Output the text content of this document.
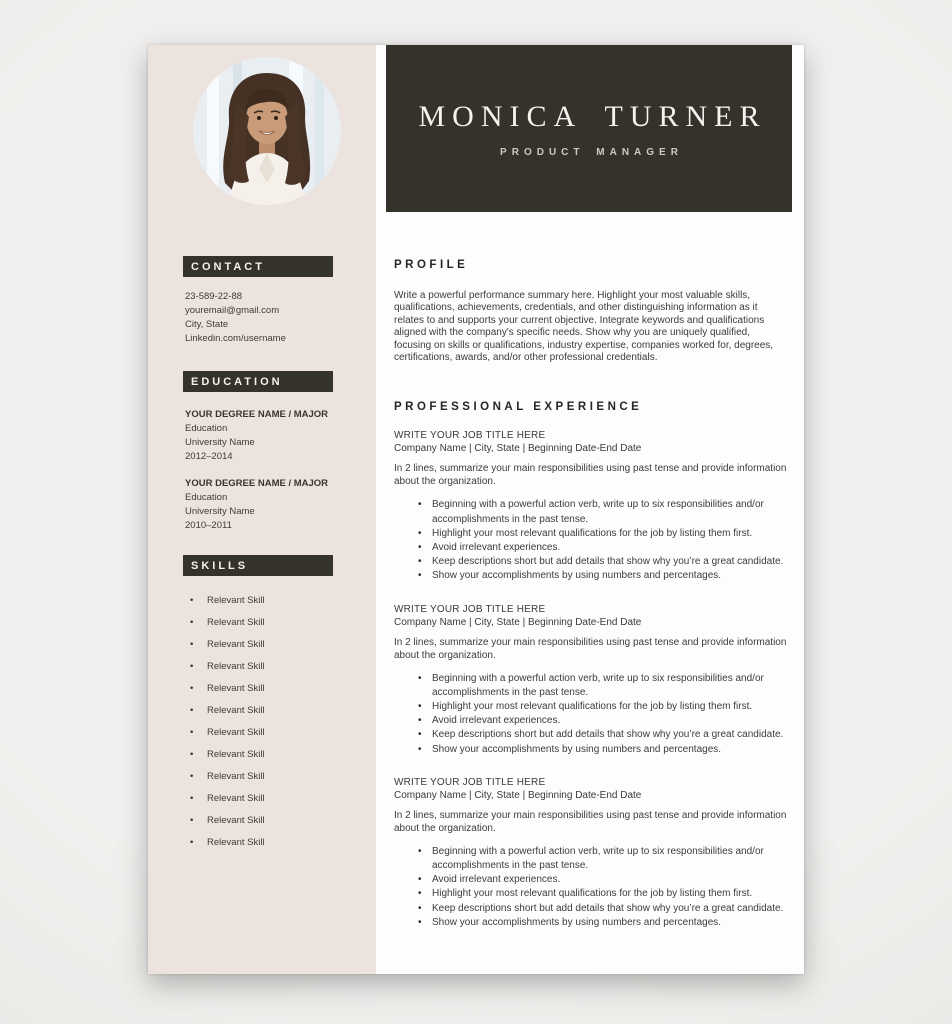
CONTACT
23-589-22-88
youremail@gmail.com
City, State
Linkedin.com/username
EDUCATION
YOUR DEGREE NAME / MAJOR
Education
University Name
2012–2014
YOUR DEGREE NAME / MAJOR
Education
University Name
2010–2011
SKILLS
• Relevant Skill
• Relevant Skill
• Relevant Skill
• Relevant Skill
• Relevant Skill
• Relevant Skill
• Relevant Skill
• Relevant Skill
• Relevant Skill
• Relevant Skill
• Relevant Skill
• Relevant Skill
MONICA TURNER
PRODUCT MANAGER
PROFILE

Write a powerful performance summary here. Highlight your most valuable skills, qualifications, achievements, credentials, and other distinguishing information as it relates to and supports your current objective. Integrate keywords and qualifications aligned with the company's specific needs. Show why you are uniquely qualified, focusing on skills or qualifications, industry expertise, companies worked for, degrees, certifications, awards, and/or other professional credentials.

PROFESSIONAL EXPERIENCE
WRITE YOUR JOB TITLE HERE
Company Name | City, State | Beginning Date-End Date

In 2 lines, summarize your main responsibilities using past tense and provide information about the organization.

• Beginning with a powerful action verb, write up to six responsibilities and/or accomplishments in the past tense.
• Highlight your most relevant qualifications for the job by listing them first.
• Avoid irrelevant experiences.
• Keep descriptions short but add details that show why you’re a great candidate.
• Show your accomplishments by using numbers and percentages.
WRITE YOUR JOB TITLE HERE
Company Name | City, State | Beginning Date-End Date

In 2 lines, summarize your main responsibilities using past tense and provide information about the organization.

• Beginning with a powerful action verb, write up to six responsibilities and/or accomplishments in the past tense.
• Highlight your most relevant qualifications for the job by listing them first.
• Avoid irrelevant experiences.
• Keep descriptions short but add details that show why you’re a great candidate.
• Show your accomplishments by using numbers and percentages.
WRITE YOUR JOB TITLE HERE
Company Name | City, State | Beginning Date-End Date

In 2 lines, summarize your main responsibilities using past tense and provide information about the organization.

• Beginning with a powerful action verb, write up to six responsibilities and/or accomplishments in the past tense.
• Avoid irrelevant experiences.
• Highlight your most relevant qualifications for the job by listing them first.
• Keep descriptions short but add details that show why you’re a great candidate.
• Show your accomplishments by using numbers and percentages.
